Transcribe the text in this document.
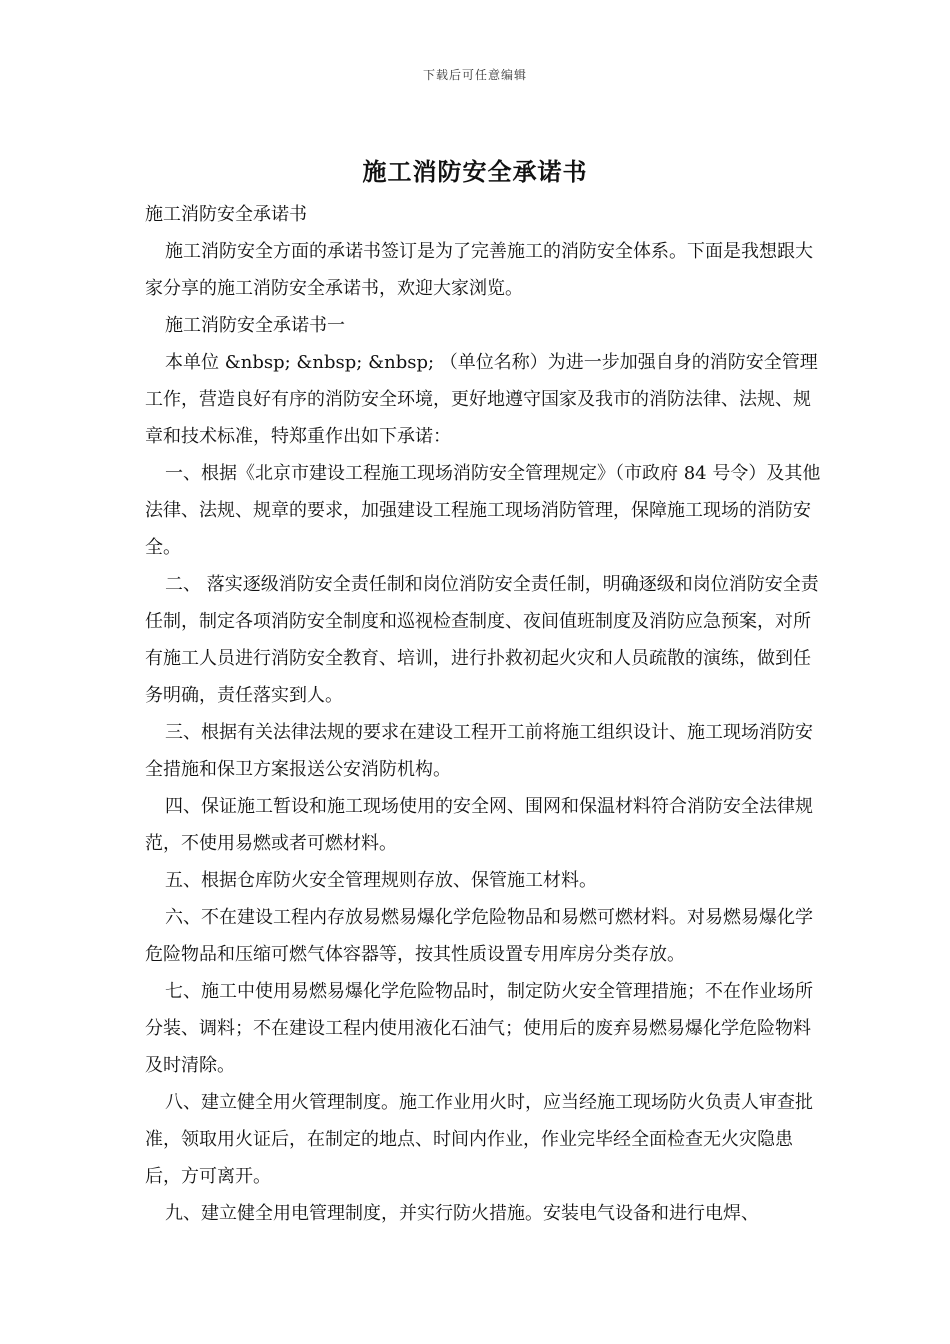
下载后可任意编辑
施工消防安全承诺书

施工消防安全承诺书

施工消防安全方面的承诺书签订是为了完善施工的消防安全体系。下面是我想跟大家分享的施工消防安全承诺书，欢迎大家浏览。

施工消防安全承诺书一

本单位 &nbsp; &nbsp; &nbsp; （单位名称）为进一步加强自身的消防安全管理工作，营造良好有序的消防安全环境，更好地遵守国家及我市的消防法律、法规、规章和技术标准，特郑重作出如下承诺：

一、根据《北京市建设工程施工现场消防安全管理规定》（市政府 84 号令）及其他法律、法规、规章的要求，加强建设工程施工现场消防管理，保障施工现场的消防安全。

二、 落实逐级消防安全责任制和岗位消防安全责任制，明确逐级和岗位消防安全责任制，制定各项消防安全制度和巡视检查制度、夜间值班制度及消防应急预案，对所有施工人员进行消防安全教育、培训，进行扑救初起火灾和人员疏散的演练，做到任务明确，责任落实到人。

三、根据有关法律法规的要求在建设工程开工前将施工组织设计、施工现场消防安全措施和保卫方案报送公安消防机构。

四、保证施工暂设和施工现场使用的安全网、围网和保温材料符合消防安全法律规范，不使用易燃或者可燃材料。

五、根据仓库防火安全管理规则存放、保管施工材料。

六、不在建设工程内存放易燃易爆化学危险物品和易燃可燃材料。对易燃易爆化学危险物品和压缩可燃气体容器等，按其性质设置专用库房分类存放。

七、施工中使用易燃易爆化学危险物品时，制定防火安全管理措施；不在作业场所分装、调料；不在建设工程内使用液化石油气；使用后的废弃易燃易爆化学危险物料及时清除。

八、建立健全用火管理制度。施工作业用火时，应当经施工现场防火负责人审查批准，领取用火证后，在制定的地点、时间内作业，作业完毕经全面检查无火灾隐患后，方可离开。

九、建立健全用电管理制度，并实行防火措施。安装电气设备和进行电焊、
